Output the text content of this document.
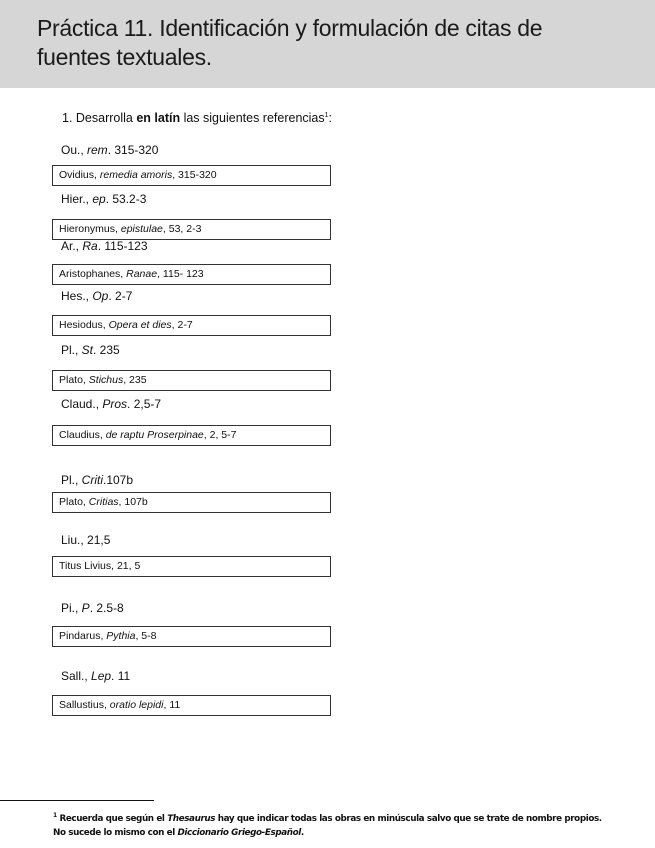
Práctica 11. Identificación y formulación de citas de fuentes textuales.
1. Desarrolla en latín las siguientes referencias$^1$:
Ou., rem. 315-320
Ovidius, remedia amoris, 315-320
Hier., ep. 53.2-3
Hieronymus, epistulae, 53, 2-3
Ar., Ra. 115-123
Aristophanes, Ranae, 115- 123
Hes., Op. 2-7
Hesiodus, Opera et dies, 2-7
Pl., St. 235
Plato, Stichus, 235
Claud., Pros. 2,5-7
Claudius, de raptu Proserpinae, 2, 5-7
Pl., Criti.107b
Plato, Critias, 107b
Liu., 21,5
Titus Livius, 21, 5
Pi., P. 2.5-8
Pindarus, Pythia, 5-8
Sall., Lep. 11
Sallustius, oratio lepidi, 11
$^1$ Recuerda que según el Thesaurus hay que indicar todas las obras en minúscula salvo que se trate de nombre propios. No sucede lo mismo con el Diccionario Griego-Español.
